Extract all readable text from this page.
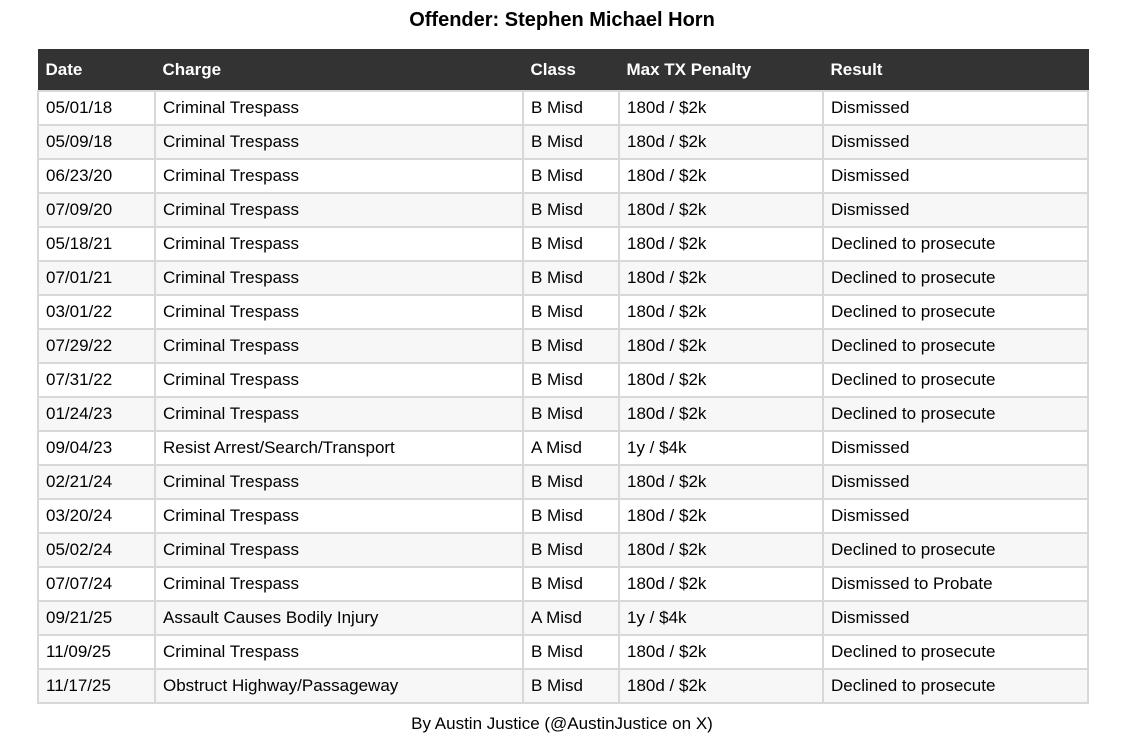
Offender: Stephen Michael Horn
Date	Charge	Class	Max TX Penalty	Result
05/01/18	Criminal Trespass	B Misd	180d / $2k	Dismissed
05/09/18	Criminal Trespass	B Misd	180d / $2k	Dismissed
06/23/20	Criminal Trespass	B Misd	180d / $2k	Dismissed
07/09/20	Criminal Trespass	B Misd	180d / $2k	Dismissed
05/18/21	Criminal Trespass	B Misd	180d / $2k	Declined to prosecute
07/01/21	Criminal Trespass	B Misd	180d / $2k	Declined to prosecute
03/01/22	Criminal Trespass	B Misd	180d / $2k	Declined to prosecute
07/29/22	Criminal Trespass	B Misd	180d / $2k	Declined to prosecute
07/31/22	Criminal Trespass	B Misd	180d / $2k	Declined to prosecute
01/24/23	Criminal Trespass	B Misd	180d / $2k	Declined to prosecute
09/04/23	Resist Arrest/Search/Transport	A Misd	1y / $4k	Dismissed
02/21/24	Criminal Trespass	B Misd	180d / $2k	Dismissed
03/20/24	Criminal Trespass	B Misd	180d / $2k	Dismissed
05/02/24	Criminal Trespass	B Misd	180d / $2k	Declined to prosecute
07/07/24	Criminal Trespass	B Misd	180d / $2k	Dismissed to Probate
09/21/25	Assault Causes Bodily Injury	A Misd	1y / $4k	Dismissed
11/09/25	Criminal Trespass	B Misd	180d / $2k	Declined to prosecute
11/17/25	Obstruct Highway/Passageway	B Misd	180d / $2k	Declined to prosecute
By Austin Justice (@AustinJustice on X)
